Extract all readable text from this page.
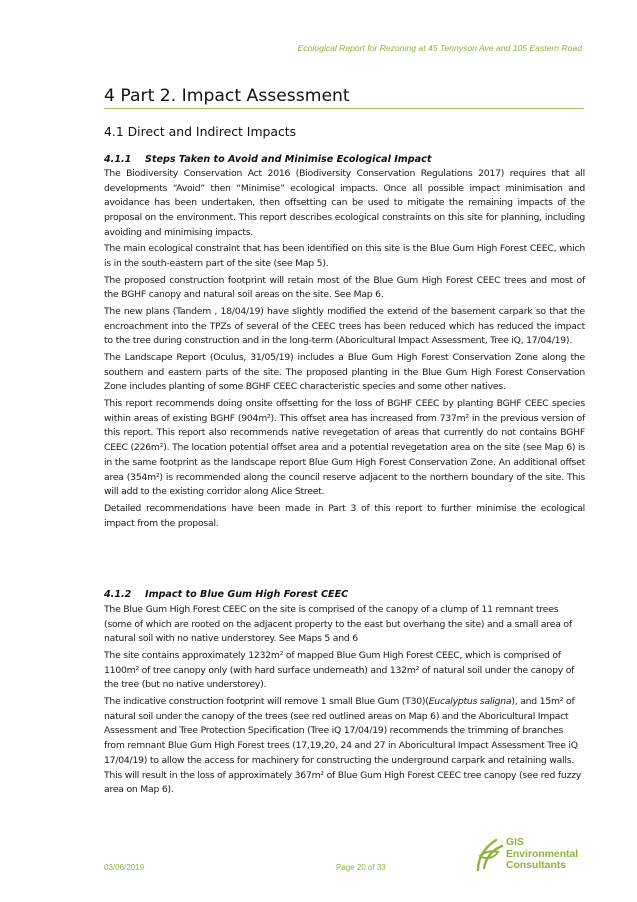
Ecological Report for Rezoning at 45 Tennyson Ave and 105 Eastern Road
4 Part 2. Impact Assessment
4.1 Direct and Indirect Impacts
4.1.1 Steps Taken to Avoid and Minimise Ecological Impact

The Biodiversity Conservation Act 2016 (Biodiversity Conservation Regulations 2017) requires that all developments “Avoid” then “Minimise” ecological impacts. Once all possible impact minimisation and avoidance has been undertaken, then offsetting can be used to mitigate the remaining impacts of the proposal on the environment. This report describes ecological constraints on this site for planning, including avoiding and minimising impacts.

The main ecological constraint that has been identified on this site is the Blue Gum High Forest CEEC, which is in the south-eastern part of the site (see Map 5).

The proposed construction footprint will retain most of the Blue Gum High Forest CEEC trees and most of the BGHF canopy and natural soil areas on the site. See Map 6.

The new plans (Tandem , 18/04/19) have slightly modified the extend of the basement carpark so that the encroachment into the TPZs of several of the CEEC trees has been reduced which has reduced the impact to the tree during construction and in the long-term (Aboricultural Impact Assessment, Tree iQ, 17/04/19).

The Landscape Report (Oculus, 31/05/19) includes a Blue Gum High Forest Conservation Zone along the southern and eastern parts of the site. The proposed planting in the Blue Gum High Forest Conservation Zone includes planting of some BGHF CEEC characteristic species and some other natives.

This report recommends doing onsite offsetting for the loss of BGHF CEEC by planting BGHF CEEC species within areas of existing BGHF (904m²). This offset area has increased from 737m² in the previous version of this report. This report also recommends native revegetation of areas that currently do not contains BGHF CEEC (226m²). The location potential offset area and a potential revegetation area on the site (see Map 6) is in the same footprint as the landscape report Blue Gum High Forest Conservation Zone. An additional offset area (354m²) is recommended along the council reserve adjacent to the northern boundary of the site. This will add to the existing corridor along Alice Street.

Detailed recommendations have been made in Part 3 of this report to further minimise the ecological impact from the proposal.

4.1.2 Impact to Blue Gum High Forest CEEC

The Blue Gum High Forest CEEC on the site is comprised of the canopy of a clump of 11 remnant trees (some of which are rooted on the adjacent property to the east but overhang the site) and a small area of natural soil with no native understorey. See Maps 5 and 6

The site contains approximately 1232m² of mapped Blue Gum High Forest CEEC, which is comprised of 1100m² of tree canopy only (with hard surface underneath) and 132m² of natural soil under the canopy of the tree (but no native understorey).

The indicative construction footprint will remove 1 small Blue Gum (T30)(Eucalyptus saligna), and 15m² of natural soil under the canopy of the trees (see red outlined areas on Map 6) and the Aboricultural Impact Assessment and Tree Protection Specification (Tree iQ 17/04/19) recommends the trimming of branches from remnant Blue Gum High Forest trees (17,19,20, 24 and 27 in Aboricultural Impact Assessment Tree iQ 17/04/19) to allow the access for machinery for constructing the underground carpark and retaining walls. This will result in the loss of approximately 367m² of Blue Gum High Forest CEEC tree canopy (see red fuzzy area on Map 6).

03/06/2019	Page 20 of 33
GIS
Environmental
Consultants
